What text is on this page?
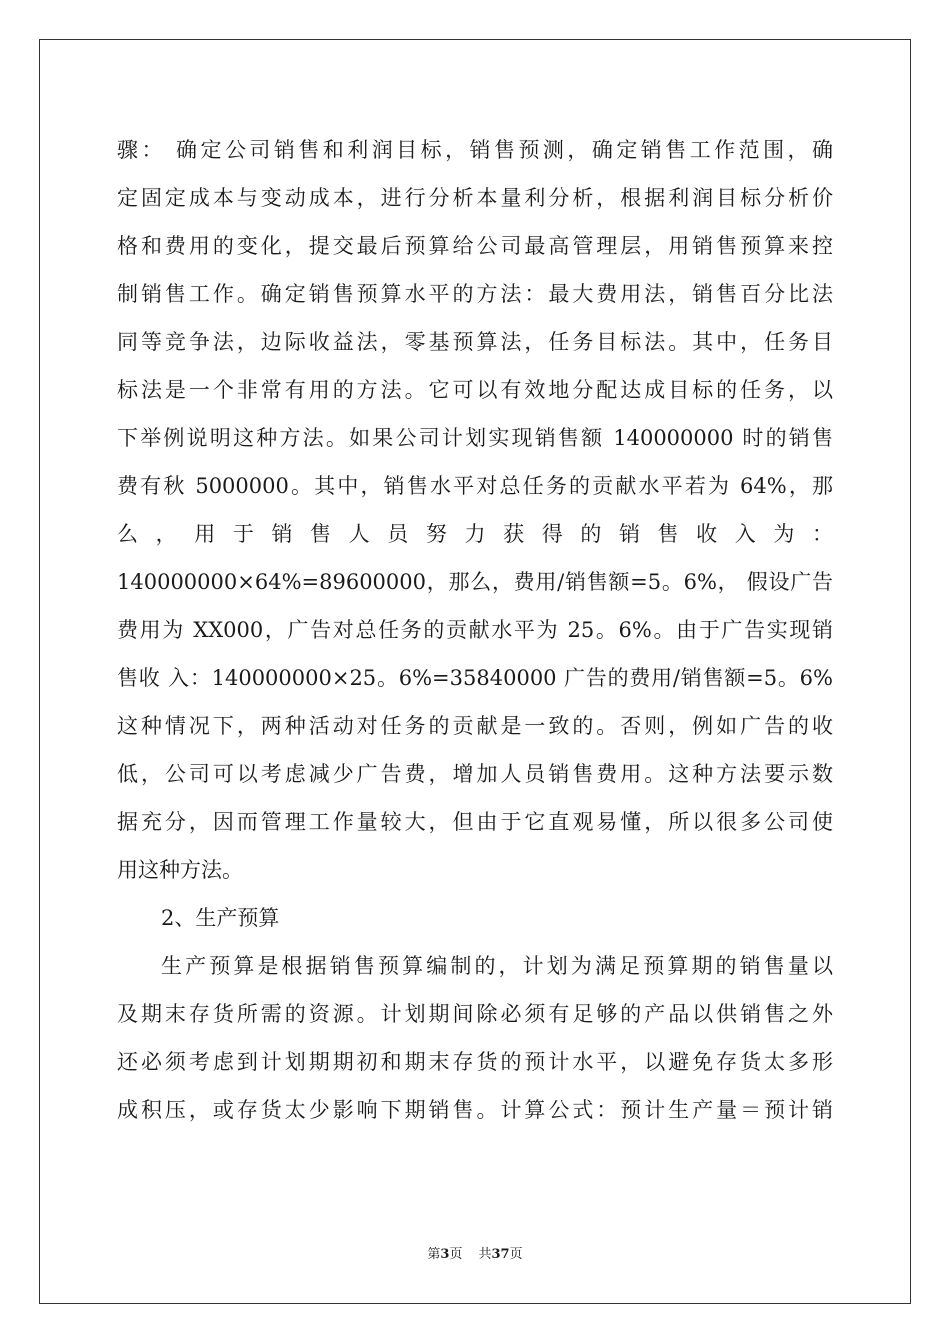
骤： 确定公司销售和利润目标，销售预测，确定销售工作范围，确
定固定成本与变动成本，进行分析本量利分析，根据利润目标分析价
格和费用的变化，提交最后预算给公司最高管理层，用销售预算来控
制销售工作。确定销售预算水平的方法：最大费用法，销售百分比法
同等竞争法，边际收益法，零基预算法，任务目标法。其中，任务目
标法是一个非常有用的方法。它可以有效地分配达成目标的任务，以
下举例说明这种方法。如果公司计划实现销售额 140000000 时的销售
费有秋 5000000。其中，销售水平对总任务的贡献水平若为 64%，那
么 ， 用 于 销 售 人 员 努 力 获 得 的 销 售 收 入 为 ：
140000000×64%=89600000，那么，费用/销售额=5。6%， 假设广告
费用为 XX000，广告对总任务的贡献水平为 25。6%。由于广告实现销
售收 入：140000000×25。6%=35840000 广告的费用/销售额=5。6%
这种情况下，两种活动对任务的贡献是一致的。否则，例如广告的收
低，公司可以考虑减少广告费，增加人员销售费用。这种方法要示数
据充分，因而管理工作量较大，但由于它直观易懂，所以很多公司使
用这种方法。
2、生产预算
生产预算是根据销售预算编制的，计划为满足预算期的销售量以
及期末存货所需的资源。计划期间除必须有足够的产品以供销售之外
还必须考虑到计划期期初和期末存货的预计水平，以避免存货太多形
成积压，或存货太少影响下期销售。计算公式：预计生产量＝预计销
第3页 共37页
